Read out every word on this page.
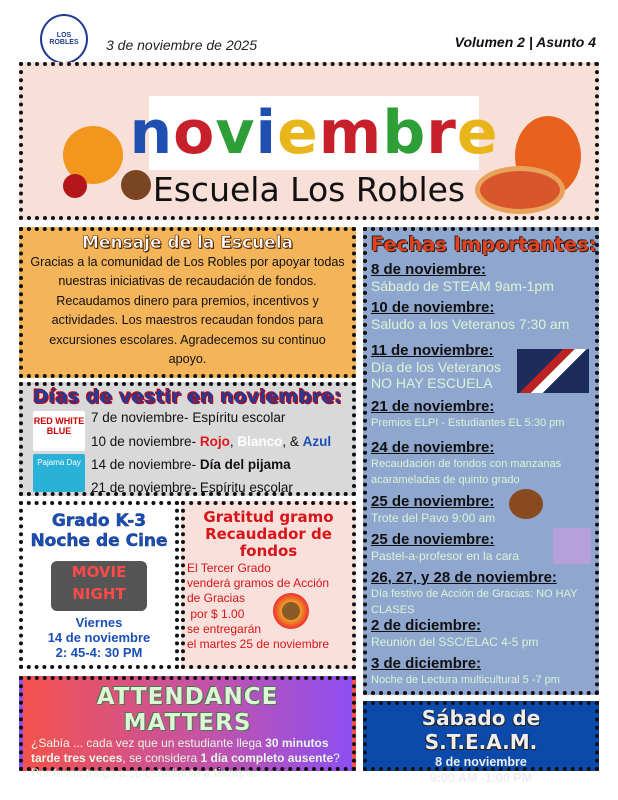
LOS ROBLES	3 de noviembre de 2025	Volumen 2 | Asunto 4
n o v i e m b r e
Escuela Los Robles
Mensaje de la Escuela

Gracias a la comunidad de Los Robles por apoyar todas nuestras iniciativas de recaudación de fondos. Recaudamos dinero para premios, incentivos y actividades. Los maestros recaudan fondos para excursiones escolares. Agradecemos su continuo apoyo.

Días de vestir en noviembre:
RED WHITE BLUE
Pajama Day
7 de noviembre- Espíritu escolar
10 de noviembre- Rojo, Blanco, & Azul
14 de noviembre- Día del pijama
21 de noviembre- Espíritu escolar
Grado K-3
Noche de Cine
MOVIE
NIGHT
Viernes
14 de noviembre
2: 45-4: 30 PM
Gratitud gramo Recaudador de fondos

El Tercer Grado
venderá gramos de Acción
de Gracias
por $ 1.00
se entregarán
el martes 25 de noviembre

ATTENDANCE MATTERS

¿Sabía ... cada vez que un estudiante llega 30 minutos tarde tres veces, se considera 1 día completo ausente? Por favor, traiga a su estudiante a tiempo.

Fechas Importantes:
8 de noviembre:
Sábado de STEAM 9am-1pm
10 de noviembre:
Saludo a los Veteranos 7:30 am
11 de noviembre:
Día de los Veteranos NO HAY ESCUELA
21 de noviembre:
Premios ELPI - Estudiantes EL 5:30 pm
24 de noviembre:
Recaudación de fondos con manzanas acarameladas de quinto grado
25 de noviembre:
Trote del Pavo 9:00 am
25 de noviembre:
Pastel-a-profesor en la cara
26, 27, y 28 de noviembre:
Día festivo de Acción de Gracias: NO HAY CLASES
2 de diciembre:
Reunión del SSC/ELAC 4-5 pm
3 de diciembre:
Noche de Lectura multicultural 5 -7 pm
Sábado de S.T.E.A.M.

8 de noviembre

9:00 AM -1:00 PM
